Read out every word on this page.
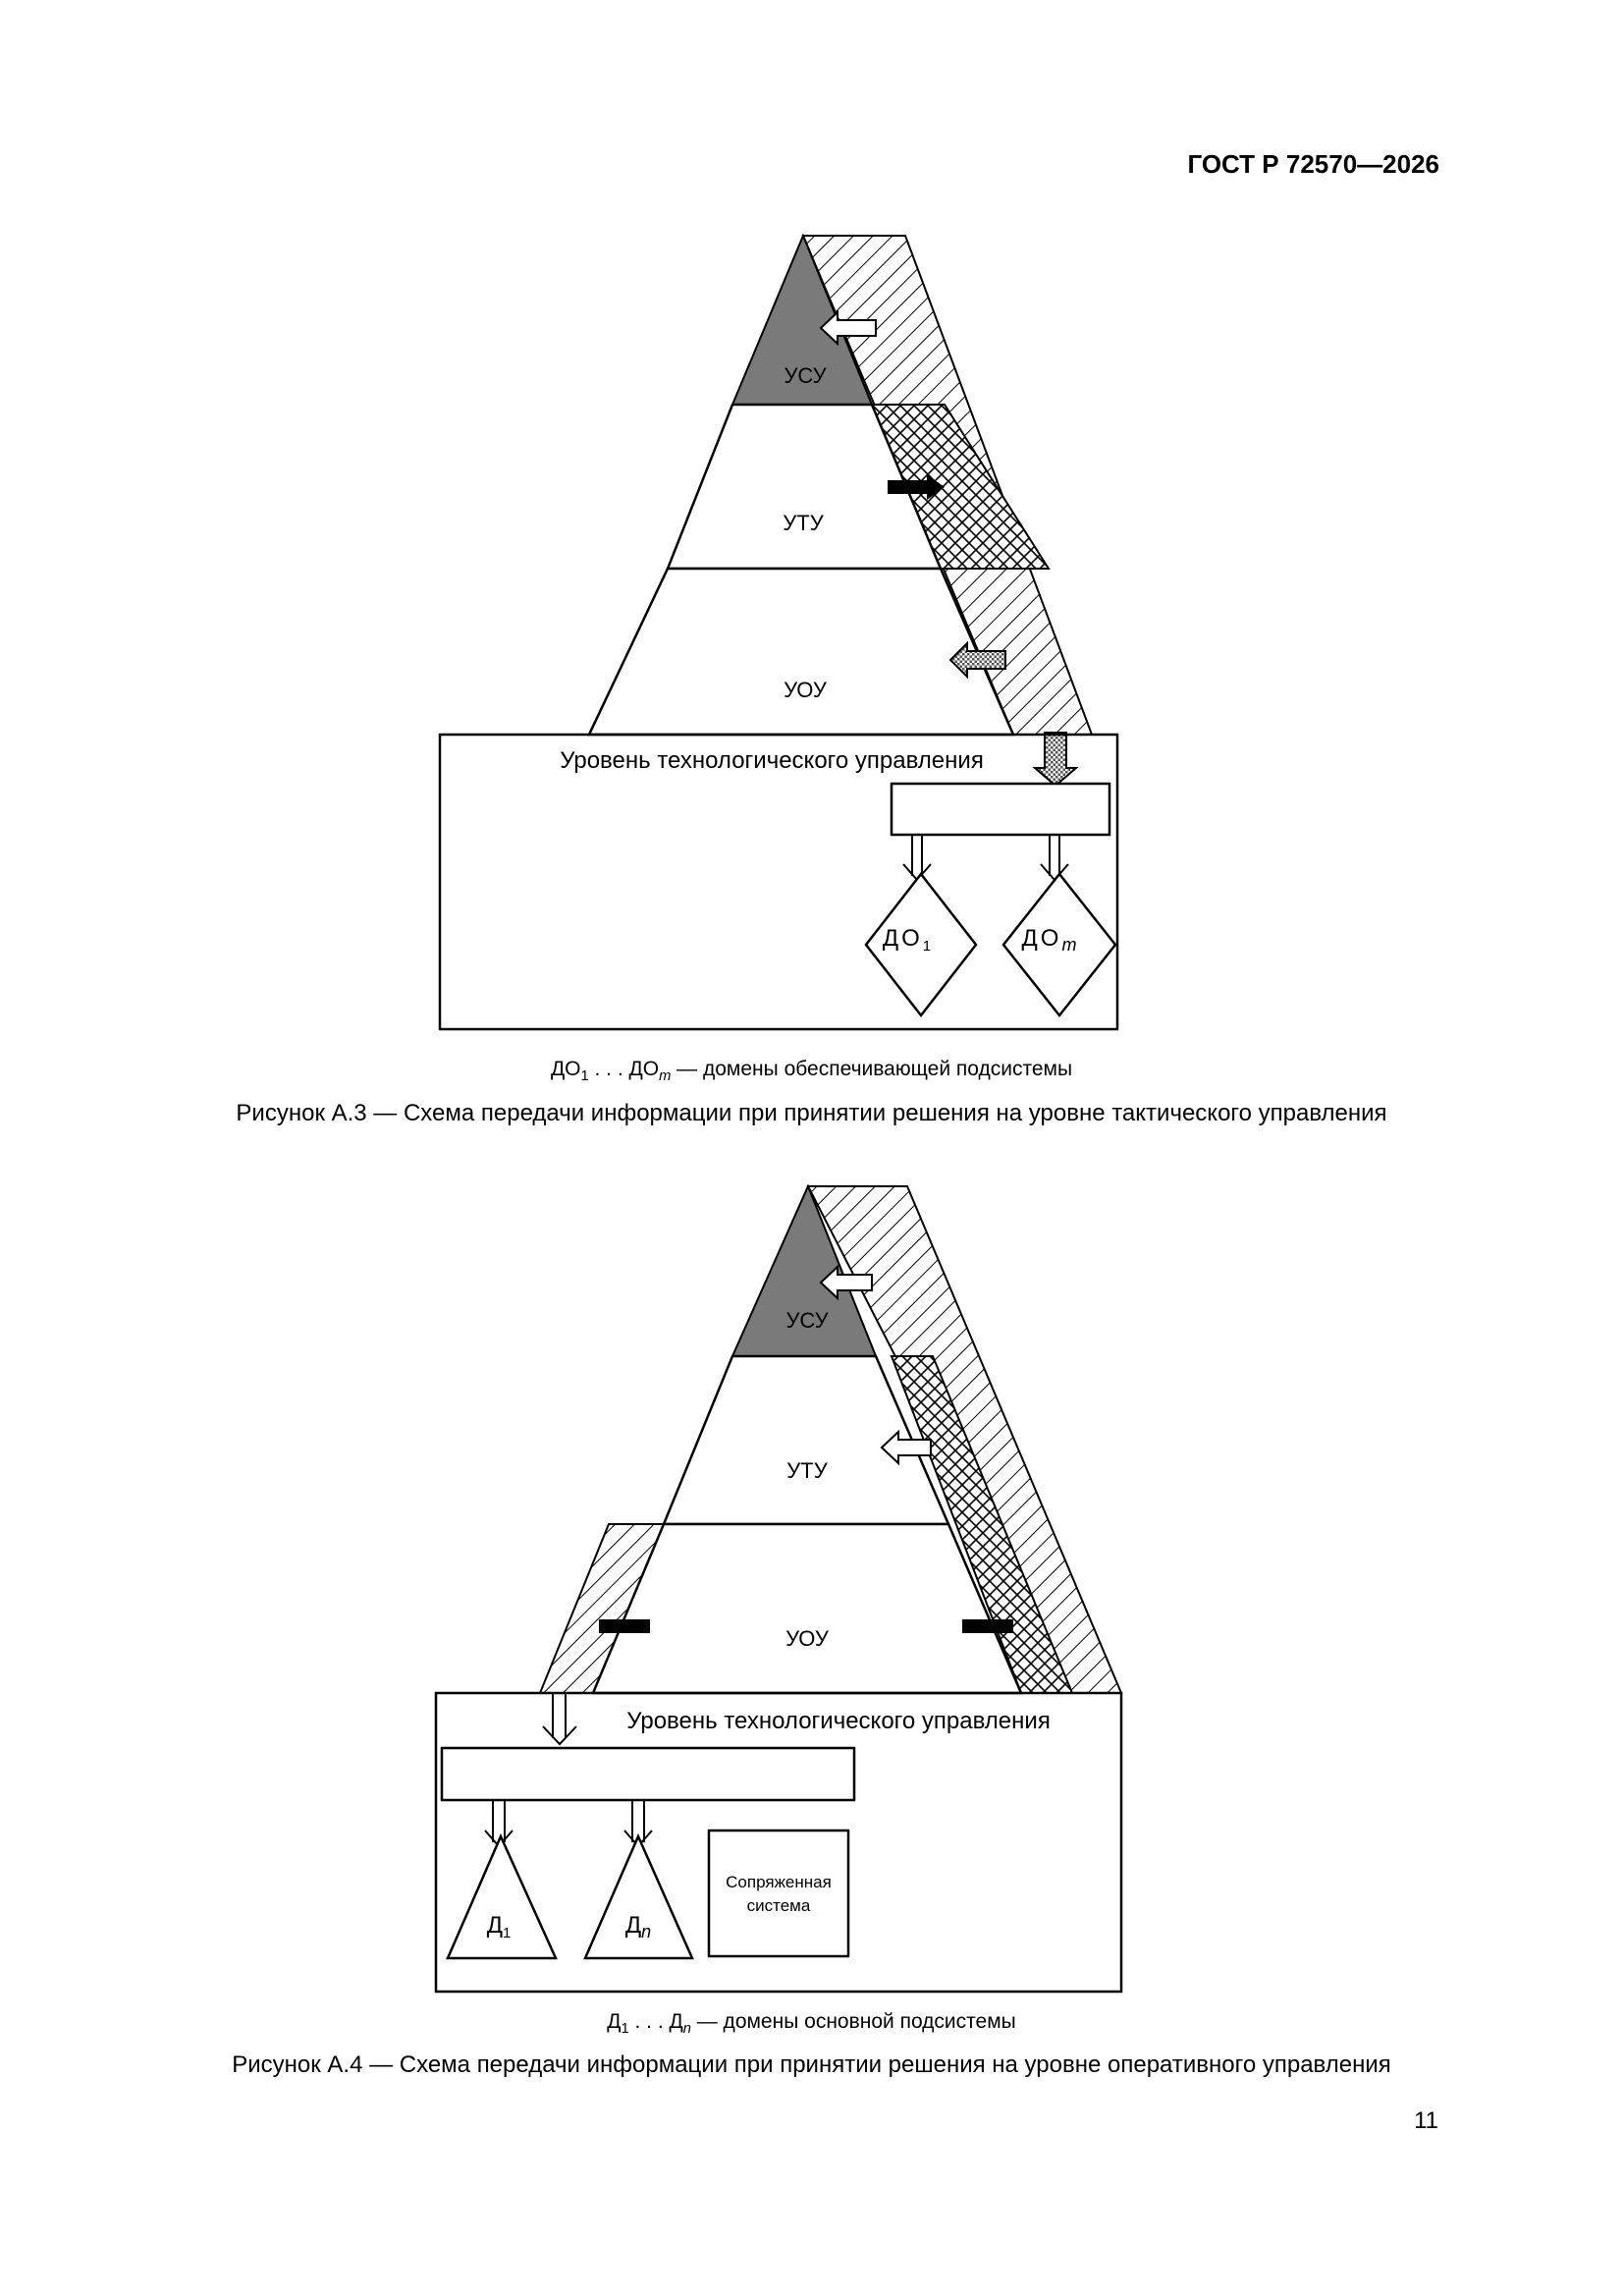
ГОСТ Р 72570—2026
УСУ
УТУ
УОУ
Уровень технологического управления
$ДО_1$	$ДО_m$
$ДО_1$ . . . $ДО_m$ — домены обеспечивающей подсистемы
Рисунок А.3 — Схема передачи информации при принятии решения на уровне тактического управления
УСУ
УТУ
УОУ
Уровень технологического управления
$Д_1$	$Д_n$
Сопряженная
система
$Д_1$ . . . $Д_n$ — домены основной подсистемы
Рисунок А.4 — Схема передачи информации при принятии решения на уровне оперативного управления
11
